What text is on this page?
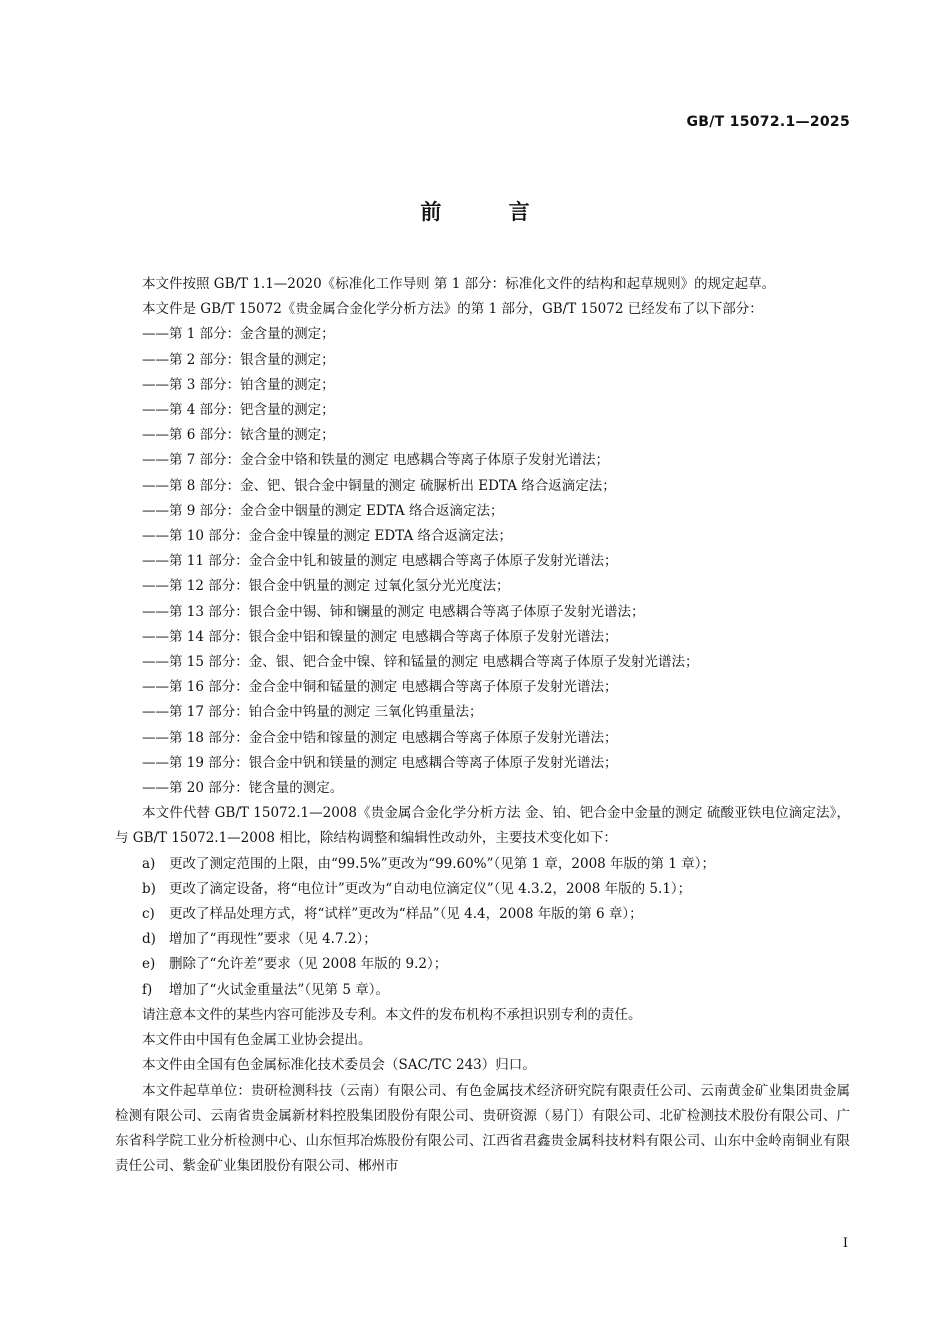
GB/T 15072.1—2025
前 言

本文件按照 GB/T 1.1—2020《标准化工作导则 第 1 部分：标准化文件的结构和起草规则》的规定起草。

本文件是 GB/T 15072《贵金属合金化学分析方法》的第 1 部分，GB/T 15072 已经发布了以下部分：

——第 1 部分：金含量的测定；

——第 2 部分：银含量的测定；

——第 3 部分：铂含量的测定；

——第 4 部分：钯含量的测定；

——第 6 部分：铱含量的测定；

——第 7 部分：金合金中铬和铁量的测定 电感耦合等离子体原子发射光谱法；

——第 8 部分：金、钯、银合金中铜量的测定 硫脲析出 EDTA 络合返滴定法；

——第 9 部分：金合金中铟量的测定 EDTA 络合返滴定法；

——第 10 部分：金合金中镍量的测定 EDTA 络合返滴定法；

——第 11 部分：金合金中钆和铍量的测定 电感耦合等离子体原子发射光谱法；

——第 12 部分：银合金中钒量的测定 过氧化氢分光光度法；

——第 13 部分：银合金中锡、铈和镧量的测定 电感耦合等离子体原子发射光谱法；

——第 14 部分：银合金中铝和镍量的测定 电感耦合等离子体原子发射光谱法；

——第 15 部分：金、银、钯合金中镍、锌和锰量的测定 电感耦合等离子体原子发射光谱法；

——第 16 部分：金合金中铜和锰量的测定 电感耦合等离子体原子发射光谱法；

——第 17 部分：铂合金中钨量的测定 三氧化钨重量法；

——第 18 部分：金合金中锆和镓量的测定 电感耦合等离子体原子发射光谱法；

——第 19 部分：银合金中钒和镁量的测定 电感耦合等离子体原子发射光谱法；

——第 20 部分：铑含量的测定。

本文件代替 GB/T 15072.1—2008《贵金属合金化学分析方法 金、铂、钯合金中金量的测定 硫酸亚铁电位滴定法》，与 GB/T 15072.1—2008 相比，除结构调整和编辑性改动外，主要技术变化如下：

a) 更改了测定范围的上限，由“99.5%”更改为“99.60%”（见第 1 章，2008 年版的第 1 章）；

b) 更改了滴定设备，将“电位计”更改为“自动电位滴定仪”（见 4.3.2，2008 年版的 5.1）；

c) 更改了样品处理方式，将“试样”更改为“样品”（见 4.4，2008 年版的第 6 章）；

d) 增加了“再现性”要求（见 4.7.2）；

e) 删除了“允许差”要求（见 2008 年版的 9.2）；

f) 增加了“火试金重量法”（见第 5 章）。

请注意本文件的某些内容可能涉及专利。本文件的发布机构不承担识别专利的责任。

本文件由中国有色金属工业协会提出。

本文件由全国有色金属标准化技术委员会（SAC/TC 243）归口。

本文件起草单位：贵研检测科技（云南）有限公司、有色金属技术经济研究院有限责任公司、云南黄金矿业集团贵金属检测有限公司、云南省贵金属新材料控股集团股份有限公司、贵研资源（易门）有限公司、北矿检测技术股份有限公司、广东省科学院工业分析检测中心、山东恒邦冶炼股份有限公司、江西省君鑫贵金属科技材料有限公司、山东中金岭南铜业有限责任公司、紫金矿业集团股份有限公司、郴州市

I
